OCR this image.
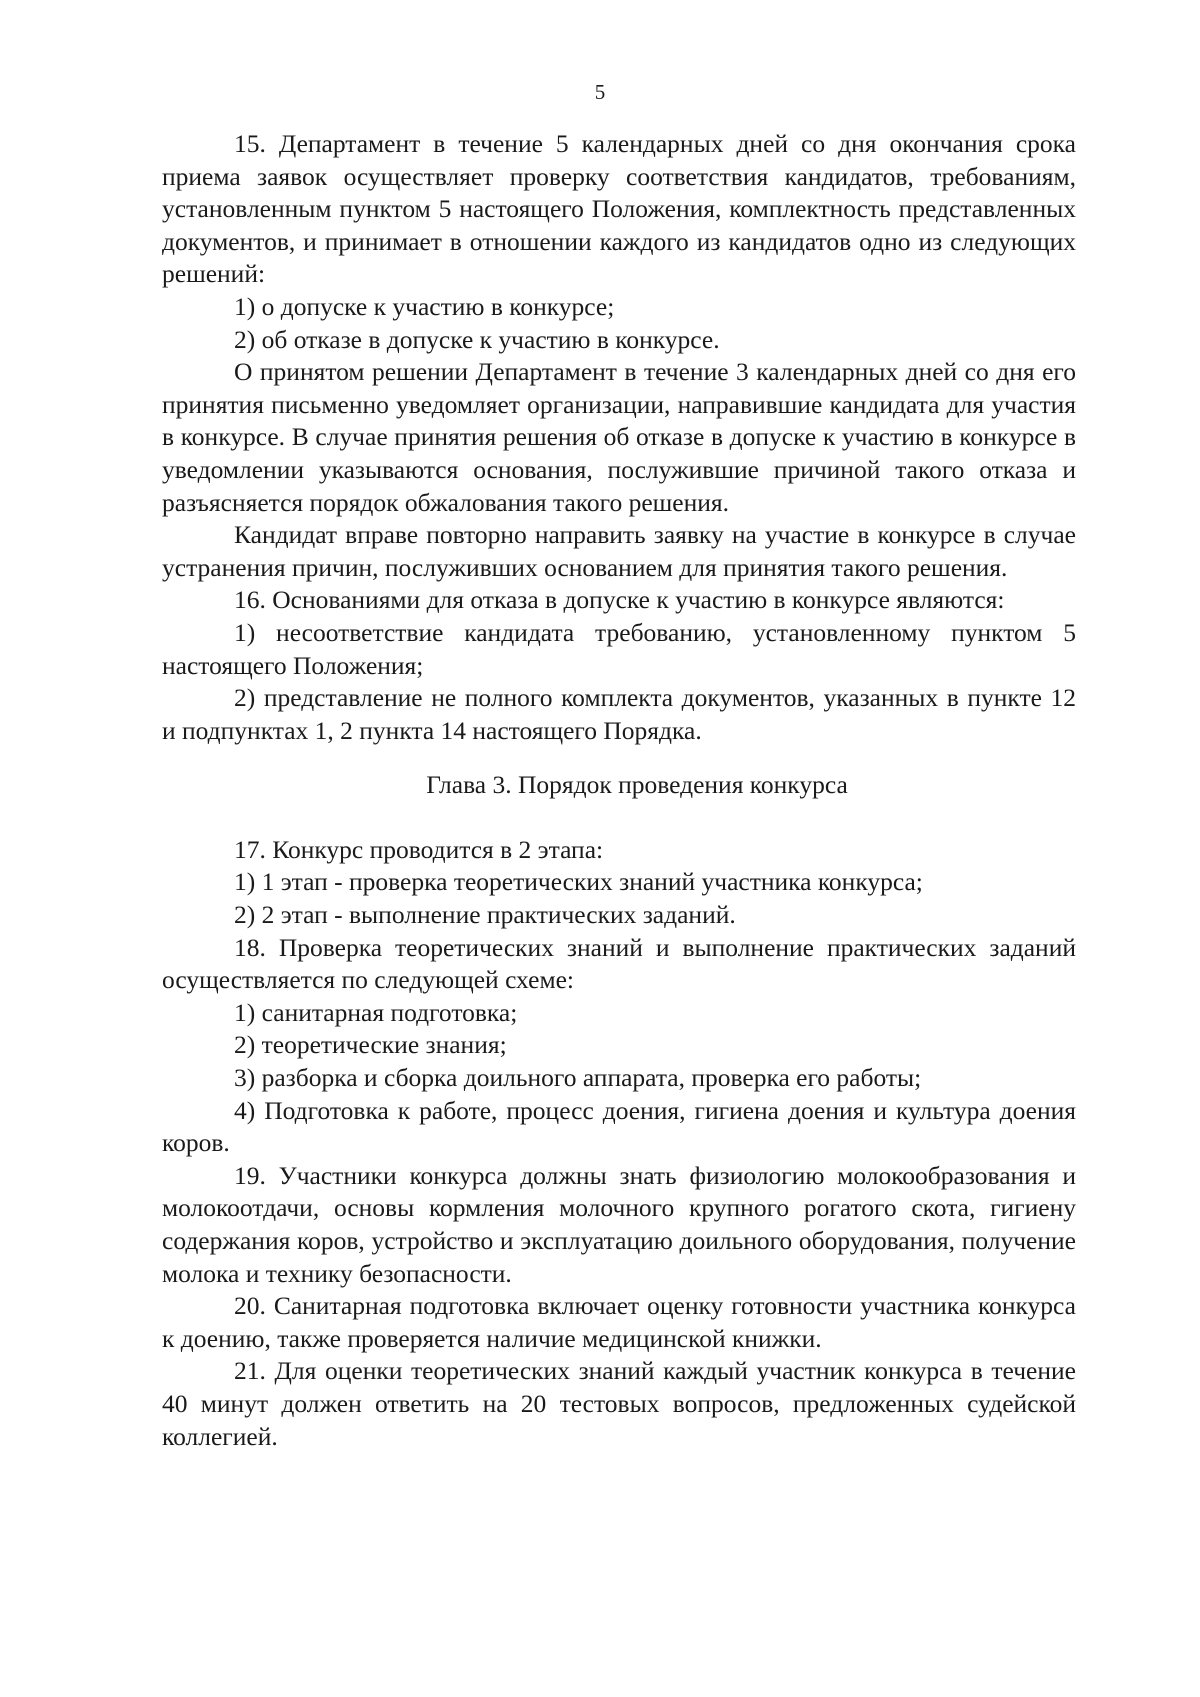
5

15. Департамент в течение 5 календарных дней со дня окончания срока приема заявок осуществляет проверку соответствия кандидатов, требованиям, установленным пунктом 5 настоящего Положения, комплектность представленных документов, и принимает в отношении каждого из кандидатов одно из следующих решений:

1) о допуске к участию в конкурсе;

2) об отказе в допуске к участию в конкурсе.

О принятом решении Департамент в течение 3 календарных дней со дня его принятия письменно уведомляет организации, направившие кандидата для участия в конкурсе. В случае принятия решения об отказе в допуске к участию в конкурсе в уведомлении указываются основания, послужившие причиной такого отказа и разъясняется порядок обжалования такого решения.

Кандидат вправе повторно направить заявку на участие в конкурсе в случае устранения причин, послуживших основанием для принятия такого решения.

16. Основаниями для отказа в допуске к участию в конкурсе являются:

1) несоответствие кандидата требованию, установленному пунктом 5 настоящего Положения;

2) представление не полного комплекта документов, указанных в пункте 12 и подпунктах 1, 2 пункта 14 настоящего Порядка.

Глава 3. Порядок проведения конкурса

17. Конкурс проводится в 2 этапа:

1) 1 этап - проверка теоретических знаний участника конкурса;

2) 2 этап - выполнение практических заданий.

18. Проверка теоретических знаний и выполнение практических заданий осуществляется по следующей схеме:

1) санитарная подготовка;

2) теоретические знания;

3) разборка и сборка доильного аппарата, проверка его работы;

4) Подготовка к работе, процесс доения, гигиена доения и культура доения коров.

19. Участники конкурса должны знать физиологию молокообразования и молокоотдачи, основы кормления молочного крупного рогатого скота, гигиену содержания коров, устройство и эксплуатацию доильного оборудования, получение молока и технику безопасности.

20. Санитарная подготовка включает оценку готовности участника конкурса к доению, также проверяется наличие медицинской книжки.

21. Для оценки теоретических знаний каждый участник конкурса в течение 40 минут должен ответить на 20 тестовых вопросов, предложенных судейской коллегией.
